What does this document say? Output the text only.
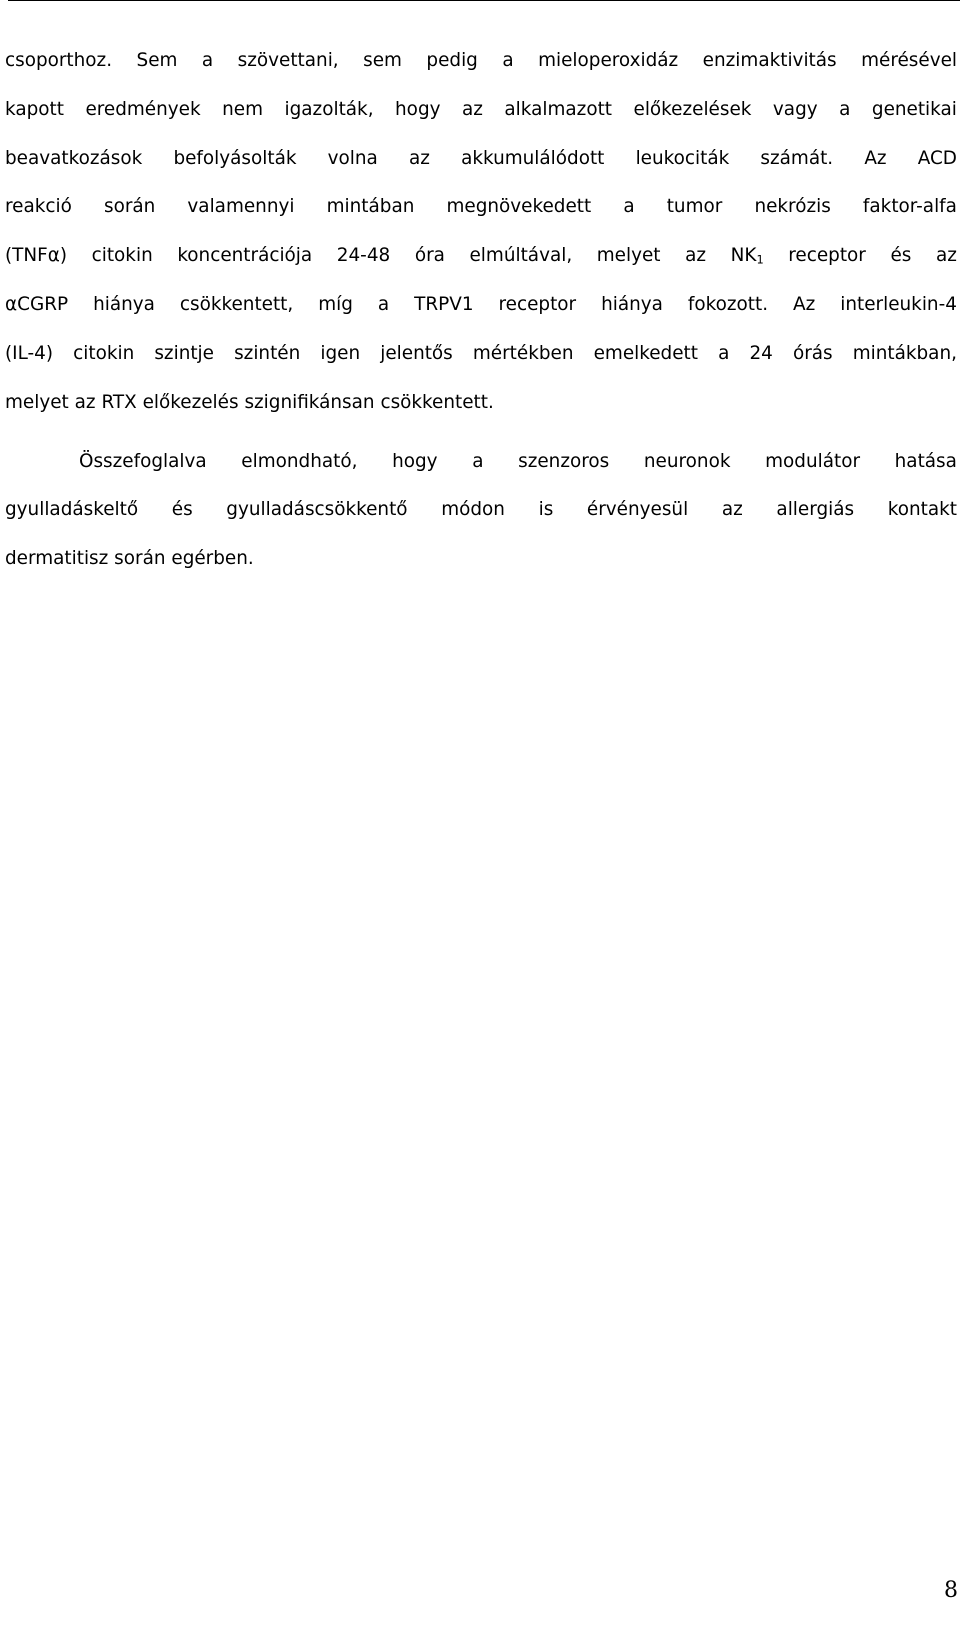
csoporthoz. Sem a szövettani, sem pedig a mieloperoxidáz enzimaktivitás mérésével
kapott eredmények nem igazolták, hogy az alkalmazott előkezelések vagy a genetikai
beavatkozások befolyásolták volna az akkumulálódott leukociták számát. Az ACD
reakció során valamennyi mintában megnövekedett a tumor nekrózis faktor-alfa
(TNFα) citokin koncentrációja 24-48 óra elmúltával, melyet az $NK_1$ receptor és az
αCGRP hiánya csökkentett, míg a TRPV1 receptor hiánya fokozott. Az interleukin-4
(IL-4) citokin szintje szintén igen jelentős mértékben emelkedett a 24 órás mintákban,
melyet az RTX előkezelés szignifikánsan csökkentett.
Összefoglalva elmondható, hogy a szenzoros neuronok modulátor hatása
gyulladáskeltő és gyulladáscsökkentő módon is érvényesül az allergiás kontakt
dermatitisz során egérben.
8
